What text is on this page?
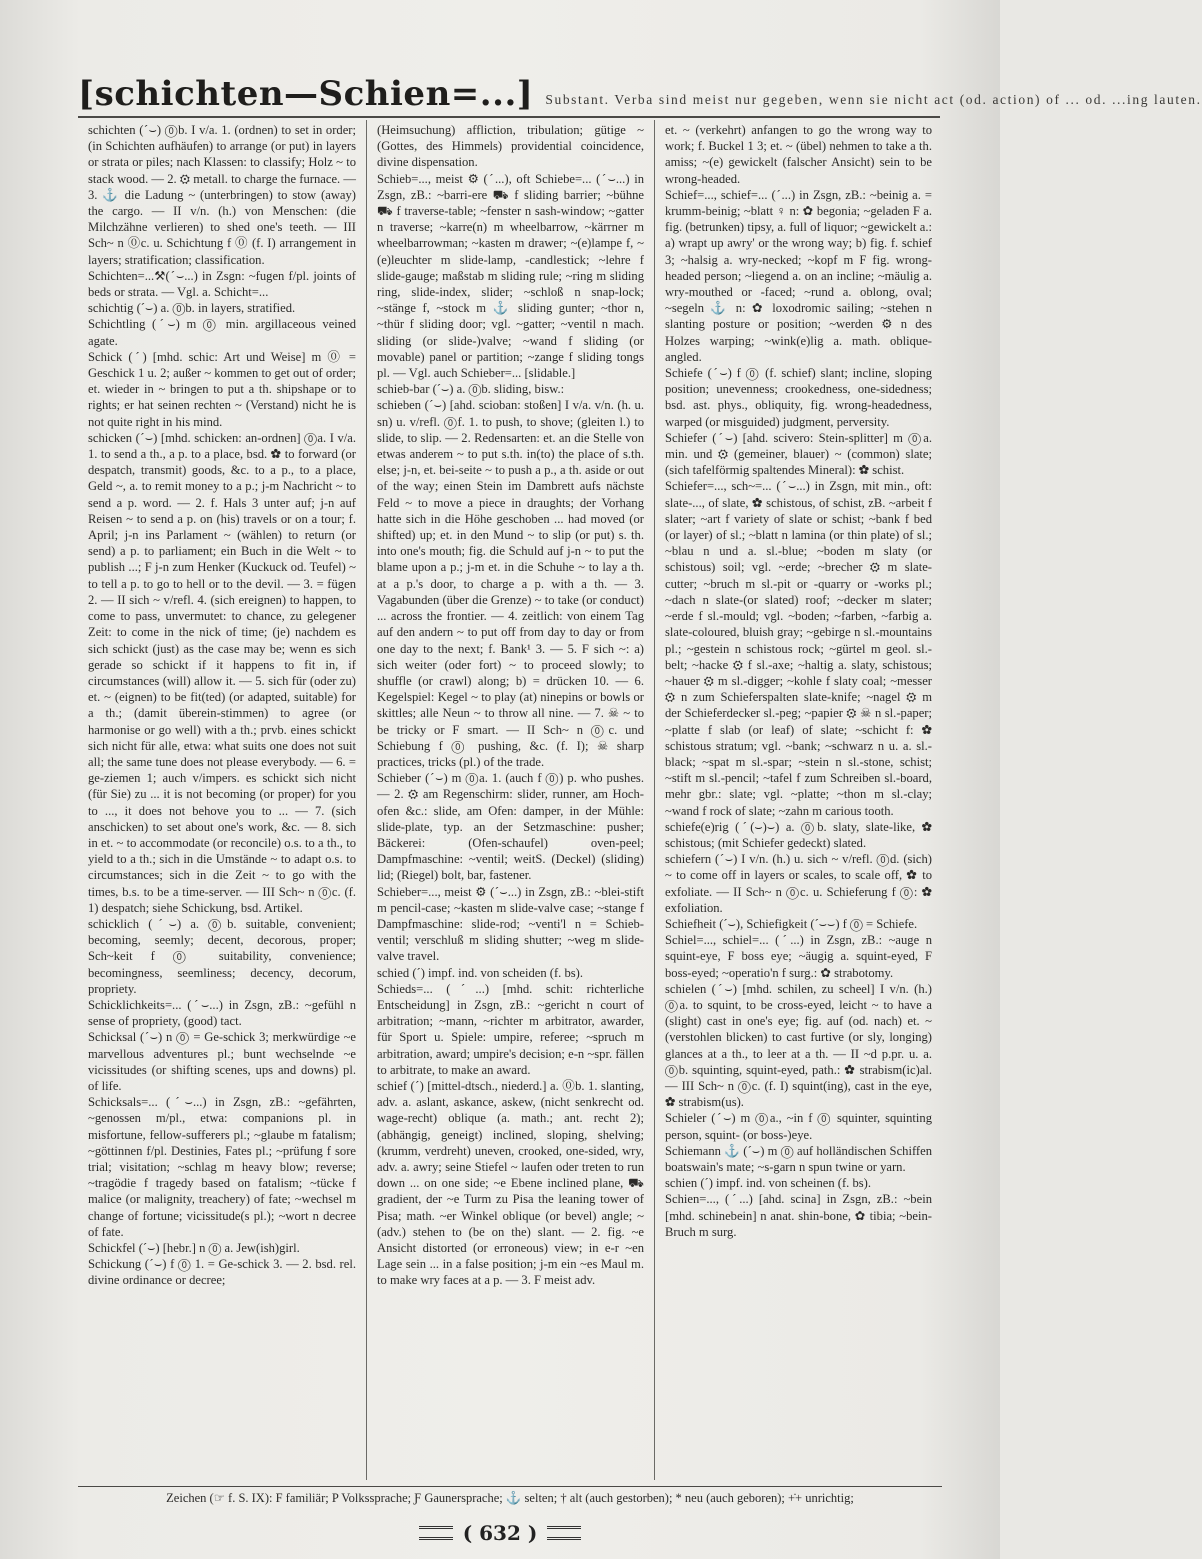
[schichten—Schien=...] Substant. Verba sind meist nur gegeben, wenn sie nicht act (od. action) of ... od. ...ing lauten.

schichten (ˊ⌣) ⓪b. I v/a. 1. (ordnen) to set in order; (in Schichten aufhäufen) to arrange (or put) in layers or strata or piles; nach Klassen: to classify; Holz ~ to stack wood. — 2. ⚙ metall. to charge the furnace. — 3. ⚓ die Ladung ~ (unterbringen) to stow (away) the cargo. — II v/n. (h.) von Menschen: (die Milchzähne verlieren) to shed one's teeth. — III Sch~ n ⓪c. u. Schichtung f ⓪ (f. I) arrangement in layers; stratification; classification.

Schichten=...⚒(ˊ⌣...) in Zsgn: ~fugen f/pl. joints of beds or strata. — Vgl. a. Schicht=...

schichtig (ˊ⌣) a. ⓪b. in layers, stratified.

Schichtling (ˊ⌣) m ⓪ min. argillaceous veined agate.

Schick (ˊ) [mhd. schic: Art und Weise] m ⓪ = Geschick 1 u. 2; außer ~ kommen to get out of order; et. wieder in ~ bringen to put a th. shipshape or to rights; er hat seinen rechten ~ (Verstand) nicht he is not quite right in his mind.

schicken (ˊ⌣) [mhd. schicken: an-ordnen] ⓪a. I v/a. 1. to send a th., a p. to a place, bsd. ✿ to forward (or despatch, transmit) goods, &c. to a p., to a place, Geld ~, a. to remit money to a p.; j-m Nachricht ~ to send a p. word. — 2. f. Hals 3 unter auf; j-n auf Reisen ~ to send a p. on (his) travels or on a tour; f. April; j-n ins Parlament ~ (wählen) to return (or send) a p. to parliament; ein Buch in die Welt ~ to publish ...; F j-n zum Henker (Kuckuck od. Teufel) ~ to tell a p. to go to hell or to the devil. — 3. = fügen 2. — II sich ~ v/refl. 4. (sich ereignen) to happen, to come to pass, unvermutet: to chance, zu gelegener Zeit: to come in the nick of time; (je) nachdem es sich schickt (just) as the case may be; wenn es sich gerade so schickt if it happens to fit in, if circumstances (will) allow it. — 5. sich für (oder zu) et. ~ (eignen) to be fit(ted) (or adapted, suitable) for a th.; (damit überein-stimmen) to agree (or harmonise or go well) with a th.; prvb. eines schickt sich nicht für alle, etwa: what suits one does not suit all; the same tune does not please everybody. — 6. = ge-ziemen 1; auch v/impers. es schickt sich nicht (für Sie) zu ... it is not becoming (or proper) for you to ..., it does not behove you to ... — 7. (sich anschicken) to set about one's work, &c. — 8. sich in et. ~ to accommodate (or reconcile) o.s. to a th., to yield to a th.; sich in die Umstände ~ to adapt o.s. to circumstances; sich in die Zeit ~ to go with the times, b.s. to be a time-server. — III Sch~ n ⓪c. (f. 1) despatch; siehe Schickung, bsd. Artikel.

schicklich (ˊ⌣) a. ⓪b. suitable, convenient; becoming, seemly; decent, decorous, proper; Sch~keit f ⓪ suitability, convenience; becomingness, seemliness; decency, decorum, propriety.

Schicklichkeits=... (ˊ⌣...) in Zsgn, zB.: ~gefühl n sense of propriety, (good) tact.

Schicksal (ˊ⌣) n ⓪ = Ge-schick 3; merkwürdige ~e marvellous adventures pl.; bunt wechselnde ~e vicissitudes (or shifting scenes, ups and downs) pl. of life.

Schicksals=... (ˊ⌣...) in Zsgn, zB.: ~gefährten, ~genossen m/pl., etwa: companions pl. in misfortune, fellow-sufferers pl.; ~glaube m fatalism; ~göttinnen f/pl. Destinies, Fates pl.; ~prüfung f sore trial; visitation; ~schlag m heavy blow; reverse; ~tragödie f tragedy based on fatalism; ~tücke f malice (or malignity, treachery) of fate; ~wechsel m change of fortune; vicissitude(s pl.); ~wort n decree of fate.

Schickfel (ˊ⌣) [hebr.] n ⓪ a. Jew(ish)girl.

Schickung (ˊ⌣) f ⓪ 1. = Ge-schick 3. — 2. bsd. rel. divine ordinance or decree;

(Heimsuchung) affliction, tribulation; gütige ~ (Gottes, des Himmels) providential coincidence, divine dispensation.

Schieb=..., meist ⚙ (ˊ...), oft Schiebe=... (ˊ⌣...) in Zsgn, zB.: ~barri-ere ⛟ f sliding barrier; ~bühne ⛟ f traverse-table; ~fenster n sash-window; ~gatter n traverse; ~karre(n) m wheelbarrow, ~kärrner m wheelbarrowman; ~kasten m drawer; ~(e)lampe f, ~(e)leuchter m slide-lamp, -candlestick; ~lehre f slide-gauge; maßstab m sliding rule; ~ring m sliding ring, slide-index, slider; ~schloß n snap-lock; ~stänge f, ~stock m ⚓ sliding gunter; ~thor n, ~thür f sliding door; vgl. ~gatter; ~ventil n mach. sliding (or slide-)valve; ~wand f sliding (or movable) panel or partition; ~zange f sliding tongs pl. — Vgl. auch Schieber=... [slidable.]

schieb-bar (ˊ⌣) a. ⓪b. sliding, bisw.:

schieben (ˊ⌣) [ahd. scioban: stoßen] I v/a. v/n. (h. u. sn) u. v/refl. ⓪f. 1. to push, to shove; (gleiten l.) to slide, to slip. — 2. Redensarten: et. an die Stelle von etwas anderem ~ to put s.th. in(to) the place of s.th. else; j-n, et. bei-seite ~ to push a p., a th. aside or out of the way; einen Stein im Dambrett aufs nächste Feld ~ to move a piece in draughts; der Vorhang hatte sich in die Höhe geschoben ... had moved (or shifted) up; et. in den Mund ~ to slip (or put) s. th. into one's mouth; fig. die Schuld auf j-n ~ to put the blame upon a p.; j-m et. in die Schuhe ~ to lay a th. at a p.'s door, to charge a p. with a th. — 3. Vagabunden (über die Grenze) ~ to take (or conduct) ... across the frontier. — 4. zeitlich: von einem Tag auf den andern ~ to put off from day to day or from one day to the next; f. Bank¹ 3. — 5. F sich ~: a) sich weiter (oder fort) ~ to proceed slowly; to shuffle (or crawl) along; b) = drücken 10. — 6. Kegelspiel: Kegel ~ to play (at) ninepins or bowls or skittles; alle Neun ~ to throw all nine. — 7. ☠ ~ to be tricky or F smart. — II Sch~ n ⓪c. und Schiebung f ⓪ pushing, &c. (f. I); ☠ sharp practices, tricks (pl.) of the trade.

Schieber (ˊ⌣) m ⓪a. 1. (auch f ⓪) p. who pushes. — 2. ⚙ am Regenschirm: slider, runner, am Hoch-ofen &c.: slide, am Ofen: damper, in der Mühle: slide-plate, typ. an der Setzmaschine: pusher; Bäckerei: (Ofen-schaufel) oven-peel; Dampfmaschine: ~ventil; weitS. (Deckel) (sliding) lid; (Riegel) bolt, bar, fastener.

Schieber=..., meist ⚙ (ˊ⌣...) in Zsgn, zB.: ~blei-stift m pencil-case; ~kasten m slide-valve case; ~stange f Dampfmaschine: slide-rod; ~venti'l n = Schieb-ventil; verschluß m sliding shutter; ~weg m slide-valve travel.

schied (ˊ) impf. ind. von scheiden (f. bs).

Schieds=... (ˊ...) [mhd. schit: richterliche Entscheidung] in Zsgn, zB.: ~gericht n court of arbitration; ~mann, ~richter m arbitrator, awarder, für Sport u. Spiele: umpire, referee; ~spruch m arbitration, award; umpire's decision; e-n ~spr. fällen to arbitrate, to make an award.

schief (ˊ) [mittel-dtsch., niederd.] a. ⓪b. 1. slanting, adv. a. aslant, askance, askew, (nicht senkrecht od. wage-recht) oblique (a. math.; ant. recht 2); (abhängig, geneigt) inclined, sloping, shelving; (krumm, verdreht) uneven, crooked, one-sided, wry, adv. a. awry; seine Stiefel ~ laufen oder treten to run down ... on one side; ~e Ebene inclined plane, ⛟ gradient, der ~e Turm zu Pisa the leaning tower of Pisa; math. ~er Winkel oblique (or bevel) angle; ~ (adv.) stehen to (be on the) slant. — 2. fig. ~e Ansicht distorted (or erroneous) view; in e-r ~en Lage sein ... in a false position; j-m ein ~es Maul m. to make wry faces at a p. — 3. F meist adv.

et. ~ (verkehrt) anfangen to go the wrong way to work; f. Buckel 1 3; et. ~ (übel) nehmen to take a th. amiss; ~(e) gewickelt (falscher Ansicht) sein to be wrong-headed.

Schief=..., schief=... (ˊ...) in Zsgn, zB.: ~beinig a. = krumm-beinig; ~blatt ♀ n: ✿ begonia; ~geladen F a. fig. (betrunken) tipsy, a. full of liquor; ~gewickelt a.: a) wrapt up awry' or the wrong way; b) fig. f. schief 3; ~halsig a. wry-necked; ~kopf m F fig. wrong-headed person; ~liegend a. on an incline; ~mäulig a. wry-mouthed or -faced; ~rund a. oblong, oval; ~segeln ⚓ n: ✿ loxodromic sailing; ~stehen n slanting posture or position; ~werden ⚙ n des Holzes warping; ~wink(e)lig a. math. oblique-angled.

Schiefe (ˊ⌣) f ⓪ (f. schief) slant; incline, sloping position; unevenness; crookedness, one-sidedness; bsd. ast. phys., obliquity, fig. wrong-headedness, warped (or misguided) judgment, perversity.

Schiefer (ˊ⌣) [ahd. scivero: Stein-splitter] m ⓪a. min. und ⚙ (gemeiner, blauer) ~ (common) slate; (sich tafelförmig spaltendes Mineral): ✿ schist.

Schiefer=..., sch~=... (ˊ⌣...) in Zsgn, mit min., oft: slate-..., of slate, ✿ schistous, of schist, zB. ~arbeit f slater; ~art f variety of slate or schist; ~bank f bed (or layer) of sl.; ~blatt n lamina (or thin plate) of sl.; ~blau n und a. sl.-blue; ~boden m slaty (or schistous) soil; vgl. ~erde; ~brecher ⚙ m slate-cutter; ~bruch m sl.-pit or -quarry or -works pl.; ~dach n slate-(or slated) roof; ~decker m slater; ~erde f sl.-mould; vgl. ~boden; ~farben, ~farbig a. slate-coloured, bluish gray; ~gebirge n sl.-mountains pl.; ~gestein n schistous rock; ~gürtel m geol. sl.-belt; ~hacke ⚙ f sl.-axe; ~haltig a. slaty, schistous; ~hauer ⚙ m sl.-digger; ~kohle f slaty coal; ~messer ⚙ n zum Schieferspalten slate-knife; ~nagel ⚙ m der Schieferdecker sl.-peg; ~papier ⚙ ☠ n sl.-paper; ~platte f slab (or leaf) of slate; ~schicht f: ✿ schistous stratum; vgl. ~bank; ~schwarz n u. a. sl.-black; ~spat m sl.-spar; ~stein n sl.-stone, schist; ~stift m sl.-pencil; ~tafel f zum Schreiben sl.-board, mehr gbr.: slate; vgl. ~platte; ~thon m sl.-clay; ~wand f rock of slate; ~zahn m carious tooth.

schiefe(e)rig (ˊ(⌣)⌣) a. ⓪b. slaty, slate-like, ✿ schistous; (mit Schiefer gedeckt) slated.

schiefern (ˊ⌣) I v/n. (h.) u. sich ~ v/refl. ⓪d. (sich) ~ to come off in layers or scales, to scale off, ✿ to exfoliate. — II Sch~ n ⓪c. u. Schieferung f ⓪: ✿ exfoliation.

Schiefheit (ˊ⌣), Schiefigkeit (ˊ⌣⌣) f ⓪ = Schiefe.

Schiel=..., schiel=... (ˊ...) in Zsgn, zB.: ~auge n squint-eye, F boss eye; ~äugig a. squint-eyed, F boss-eyed; ~operatio'n f surg.: ✿ strabotomy.

schielen (ˊ⌣) [mhd. schilen, zu scheel] I v/n. (h.) ⓪a. to squint, to be cross-eyed, leicht ~ to have a (slight) cast in one's eye; fig. auf (od. nach) et. ~ (verstohlen blicken) to cast furtive (or sly, longing) glances at a th., to leer at a th. — II ~d p.pr. u. a. ⓪b. squinting, squint-eyed, path.: ✿ strabism(ic)al. — III Sch~ n ⓪c. (f. I) squint(ing), cast in the eye, ✿ strabism(us).

Schieler (ˊ⌣) m ⓪a., ~in f ⓪ squinter, squinting person, squint- (or boss-)eye.

Schiemann ⚓ (ˊ⌣) m ⓪ auf holländischen Schiffen boatswain's mate; ~s-garn n spun twine or yarn.

schien (ˊ) impf. ind. von scheinen (f. bs).

Schien=..., (ˊ...) [ahd. scina] in Zsgn, zB.: ~bein [mhd. schinebein] n anat. shin-bone, ✿ tibia; ~bein-Bruch m surg.

Zeichen (☞ f. S. IX): F familiär; P Volkssprache; Ƒ Gaunersprache; ⚓ selten; † alt (auch gestorben); * neu (auch geboren); +̇+ unrichtig;
( 632 )
